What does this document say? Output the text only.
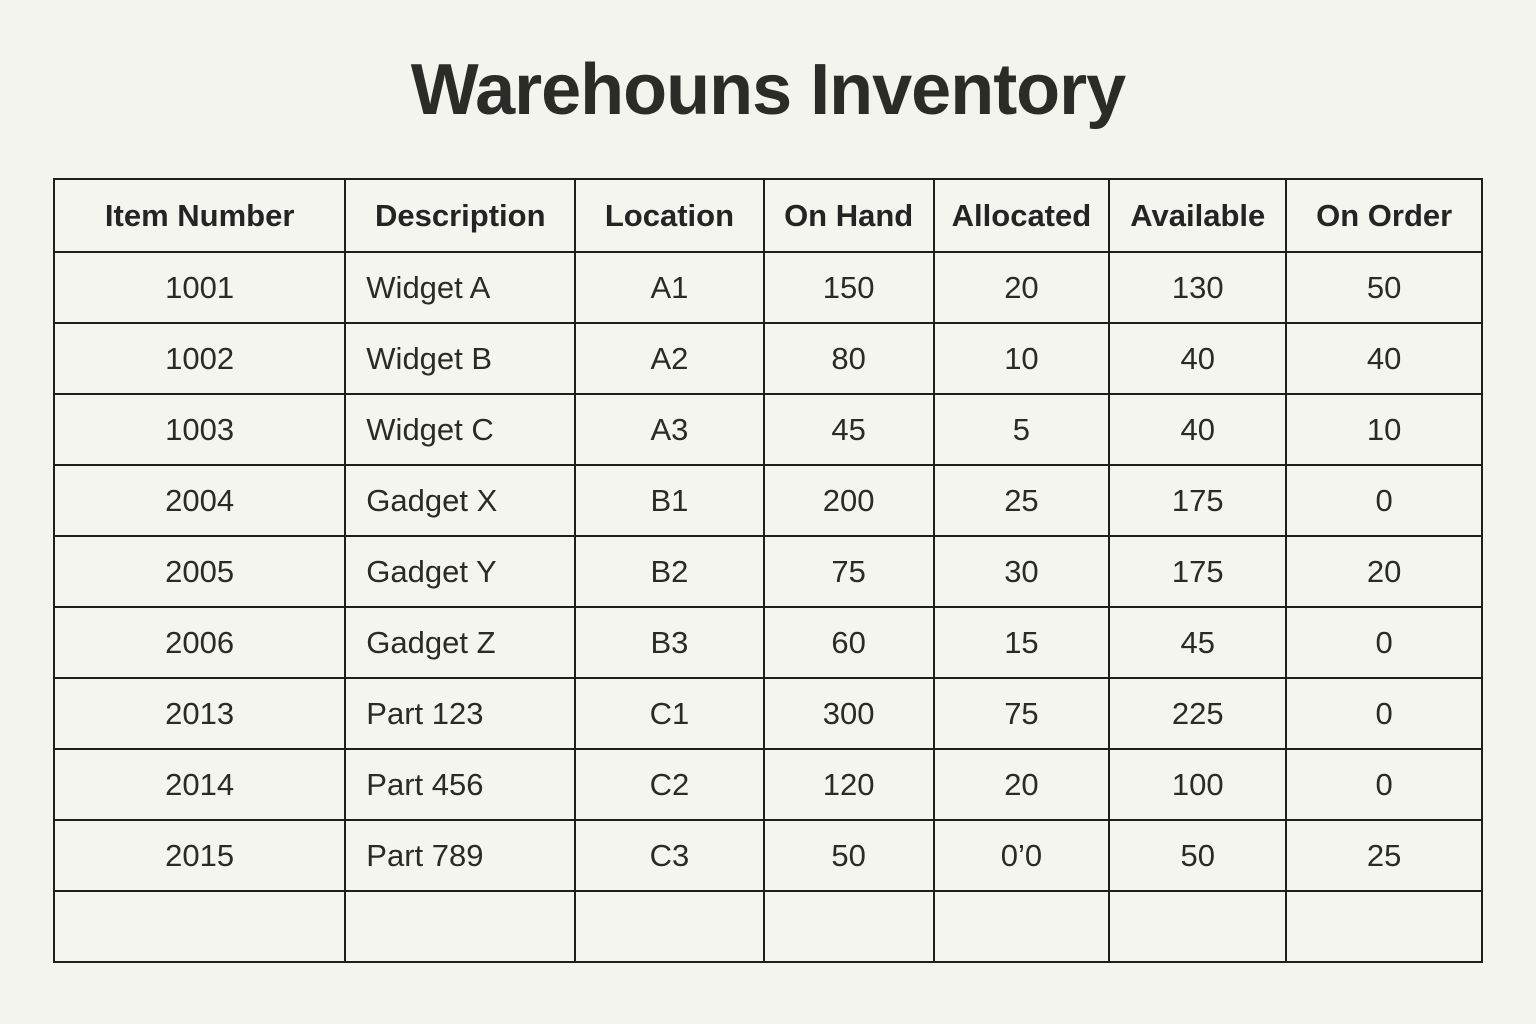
Warehouns Inventory
Item Number	Description	Location	On Hand	Allocated	Available	On Order
1001	Widget A	A1	150	20	130	50
1002	Widget B	A2	80	10	40	40
1003	Widget C	A3	45	5	40	10
2004	Gadget X	B1	200	25	175	0
2005	Gadget Y	B2	75	30	175	20
2006	Gadget Z	B3	60	15	45	0
2013	Part 123	C1	300	75	225	0
2014	Part 456	C2	120	20	100	0
2015	Part 789	C3	50	0’0	50	25
